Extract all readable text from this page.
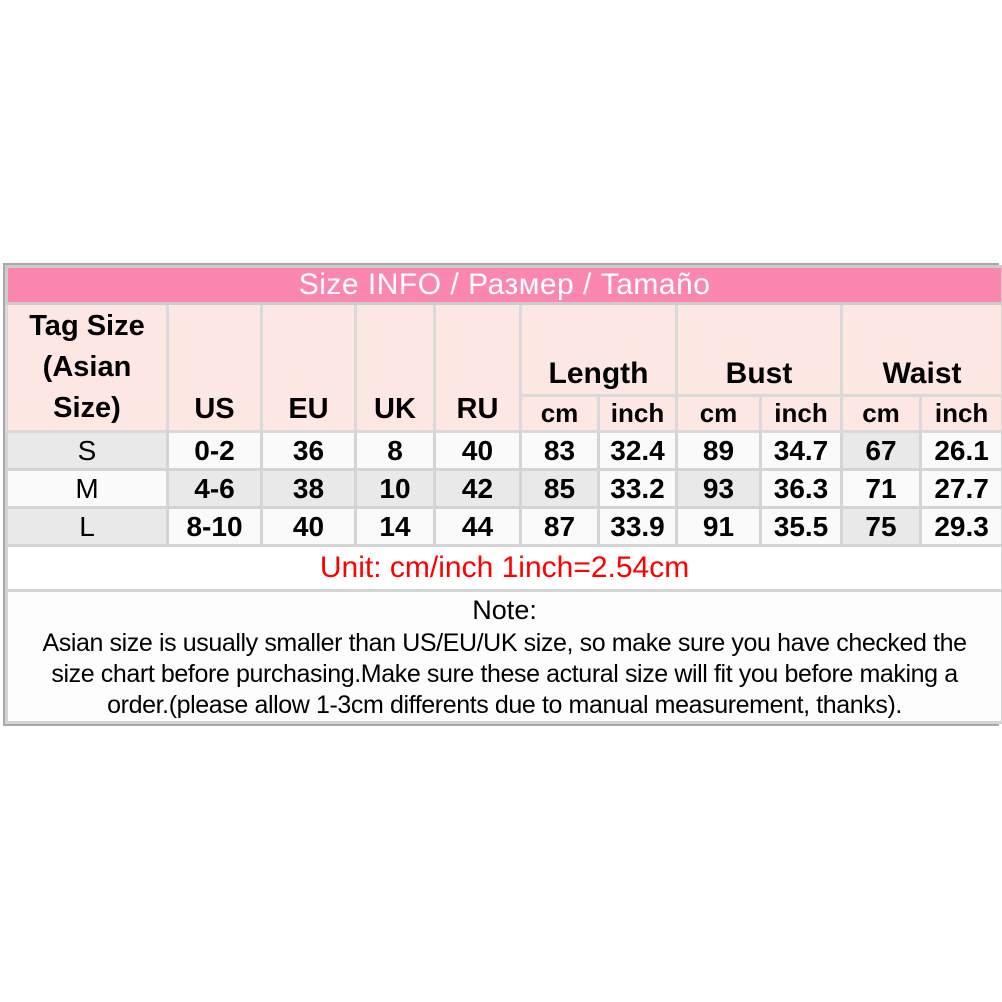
Size INFO / Размер / Tamaño										

Tag Size
(Asian
Size)	US	EU	UK	RU	Length		Bust		Waist	
					cm	inch	cm	inch	cm	inch
S	0-2	36	8	40	83	32.4	89	34.7	67	26.1
M	4-6	38	10	42	85	33.2	93	36.3	71	27.7
L	8-10	40	14	44	87	33.9	91	35.5	75	29.3
Unit: cm/inch 1inch=2.54cm										

Note:
Asian size is usually smaller than US/EU/UK size, so make sure you have checked the
size chart before purchasing.Make sure these actural size will fit you before making a
order.(please allow 1-3cm differents due to manual measurement, thanks).										
